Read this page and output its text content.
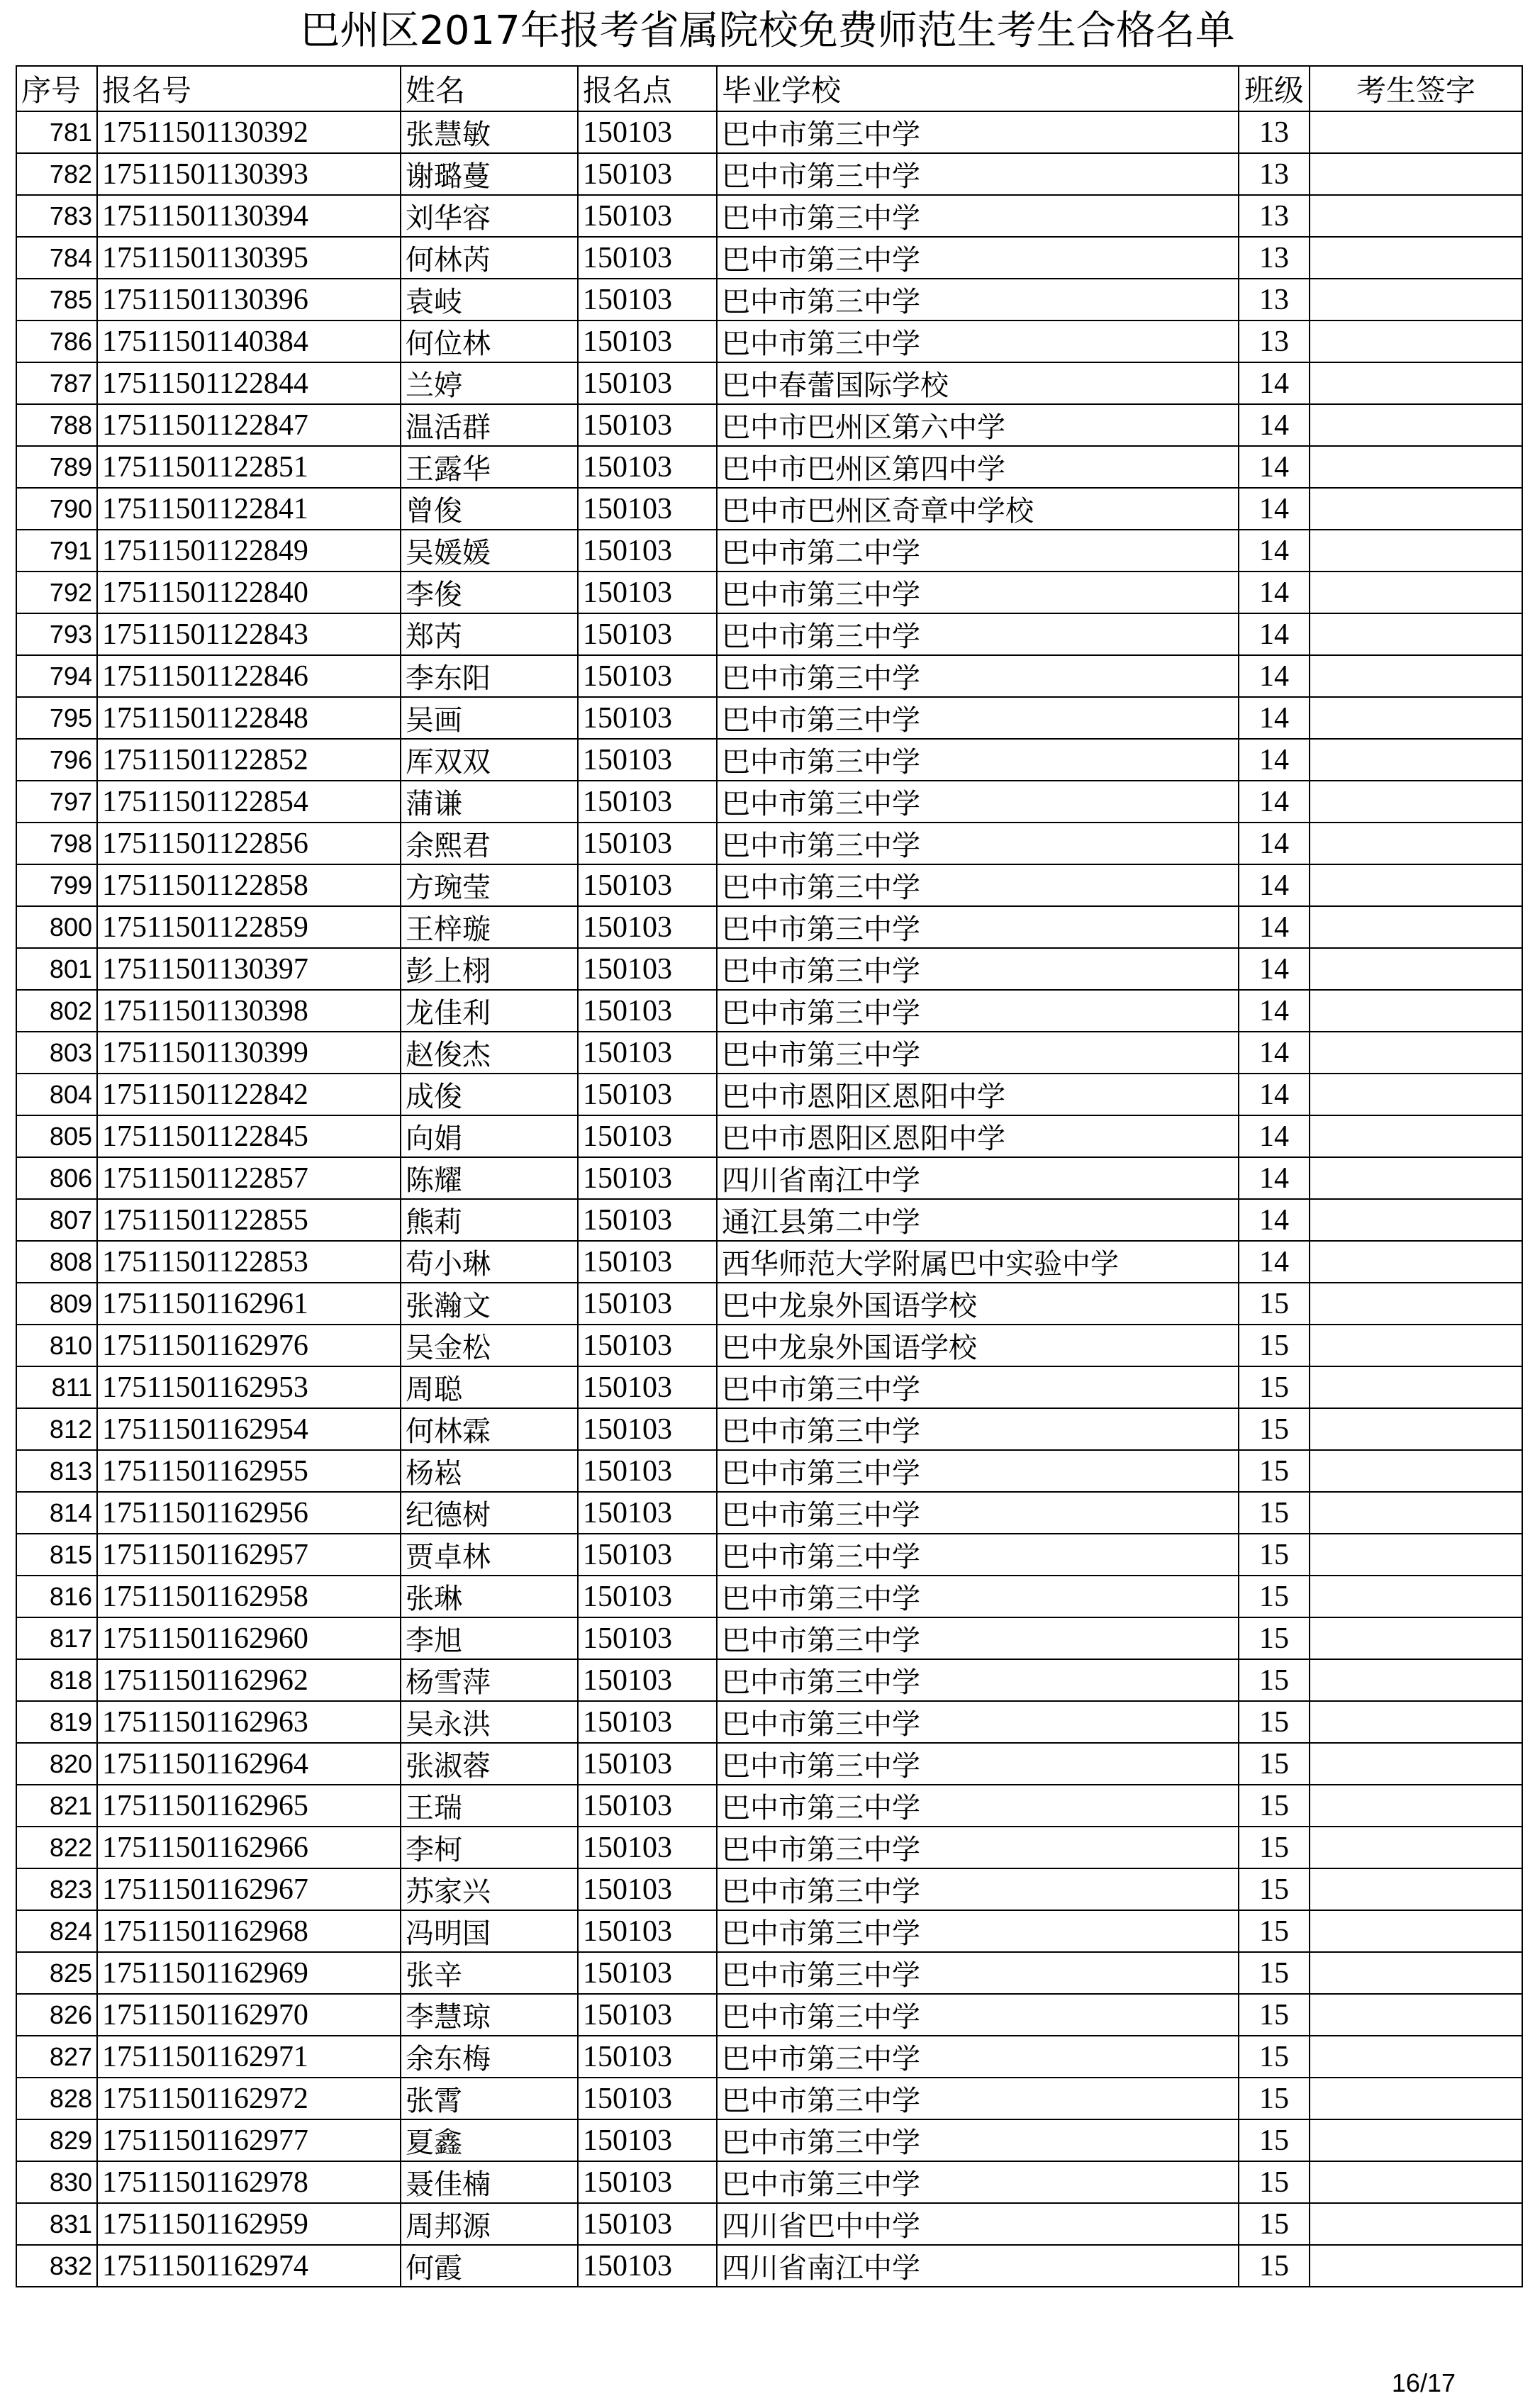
巴州区2017年报考省属院校免费师范生考生合格名单
序号	报名号	姓名	报名点	毕业学校	班级	考生签字
781	17511501130392	张慧敏	150103	巴中市第三中学	13	
782	17511501130393	谢璐蔓	150103	巴中市第三中学	13	
783	17511501130394	刘华容	150103	巴中市第三中学	13	
784	17511501130395	何林芮	150103	巴中市第三中学	13	
785	17511501130396	袁岐	150103	巴中市第三中学	13	
786	17511501140384	何位林	150103	巴中市第三中学	13	
787	17511501122844	兰婷	150103	巴中春蕾国际学校	14	
788	17511501122847	温活群	150103	巴中市巴州区第六中学	14	
789	17511501122851	王露华	150103	巴中市巴州区第四中学	14	
790	17511501122841	曾俊	150103	巴中市巴州区奇章中学校	14	
791	17511501122849	吴媛媛	150103	巴中市第二中学	14	
792	17511501122840	李俊	150103	巴中市第三中学	14	
793	17511501122843	郑芮	150103	巴中市第三中学	14	
794	17511501122846	李东阳	150103	巴中市第三中学	14	
795	17511501122848	吴画	150103	巴中市第三中学	14	
796	17511501122852	厍双双	150103	巴中市第三中学	14	
797	17511501122854	蒲谦	150103	巴中市第三中学	14	
798	17511501122856	余熙君	150103	巴中市第三中学	14	
799	17511501122858	方琬莹	150103	巴中市第三中学	14	
800	17511501122859	王梓璇	150103	巴中市第三中学	14	
801	17511501130397	彭上栩	150103	巴中市第三中学	14	
802	17511501130398	龙佳利	150103	巴中市第三中学	14	
803	17511501130399	赵俊杰	150103	巴中市第三中学	14	
804	17511501122842	成俊	150103	巴中市恩阳区恩阳中学	14	
805	17511501122845	向娟	150103	巴中市恩阳区恩阳中学	14	
806	17511501122857	陈耀	150103	四川省南江中学	14	
807	17511501122855	熊莉	150103	通江县第二中学	14	
808	17511501122853	苟小琳	150103	西华师范大学附属巴中实验中学	14	
809	17511501162961	张瀚文	150103	巴中龙泉外国语学校	15	
810	17511501162976	吴金松	150103	巴中龙泉外国语学校	15	
811	17511501162953	周聪	150103	巴中市第三中学	15	
812	17511501162954	何林霖	150103	巴中市第三中学	15	
813	17511501162955	杨崧	150103	巴中市第三中学	15	
814	17511501162956	纪德树	150103	巴中市第三中学	15	
815	17511501162957	贾卓林	150103	巴中市第三中学	15	
816	17511501162958	张琳	150103	巴中市第三中学	15	
817	17511501162960	李旭	150103	巴中市第三中学	15	
818	17511501162962	杨雪萍	150103	巴中市第三中学	15	
819	17511501162963	吴永洪	150103	巴中市第三中学	15	
820	17511501162964	张淑蓉	150103	巴中市第三中学	15	
821	17511501162965	王瑞	150103	巴中市第三中学	15	
822	17511501162966	李柯	150103	巴中市第三中学	15	
823	17511501162967	苏家兴	150103	巴中市第三中学	15	
824	17511501162968	冯明国	150103	巴中市第三中学	15	
825	17511501162969	张辛	150103	巴中市第三中学	15	
826	17511501162970	李慧琼	150103	巴中市第三中学	15	
827	17511501162971	余东梅	150103	巴中市第三中学	15	
828	17511501162972	张霄	150103	巴中市第三中学	15	
829	17511501162977	夏鑫	150103	巴中市第三中学	15	
830	17511501162978	聂佳楠	150103	巴中市第三中学	15	
831	17511501162959	周邦源	150103	四川省巴中中学	15	
832	17511501162974	何霞	150103	四川省南江中学	15	
16/17
